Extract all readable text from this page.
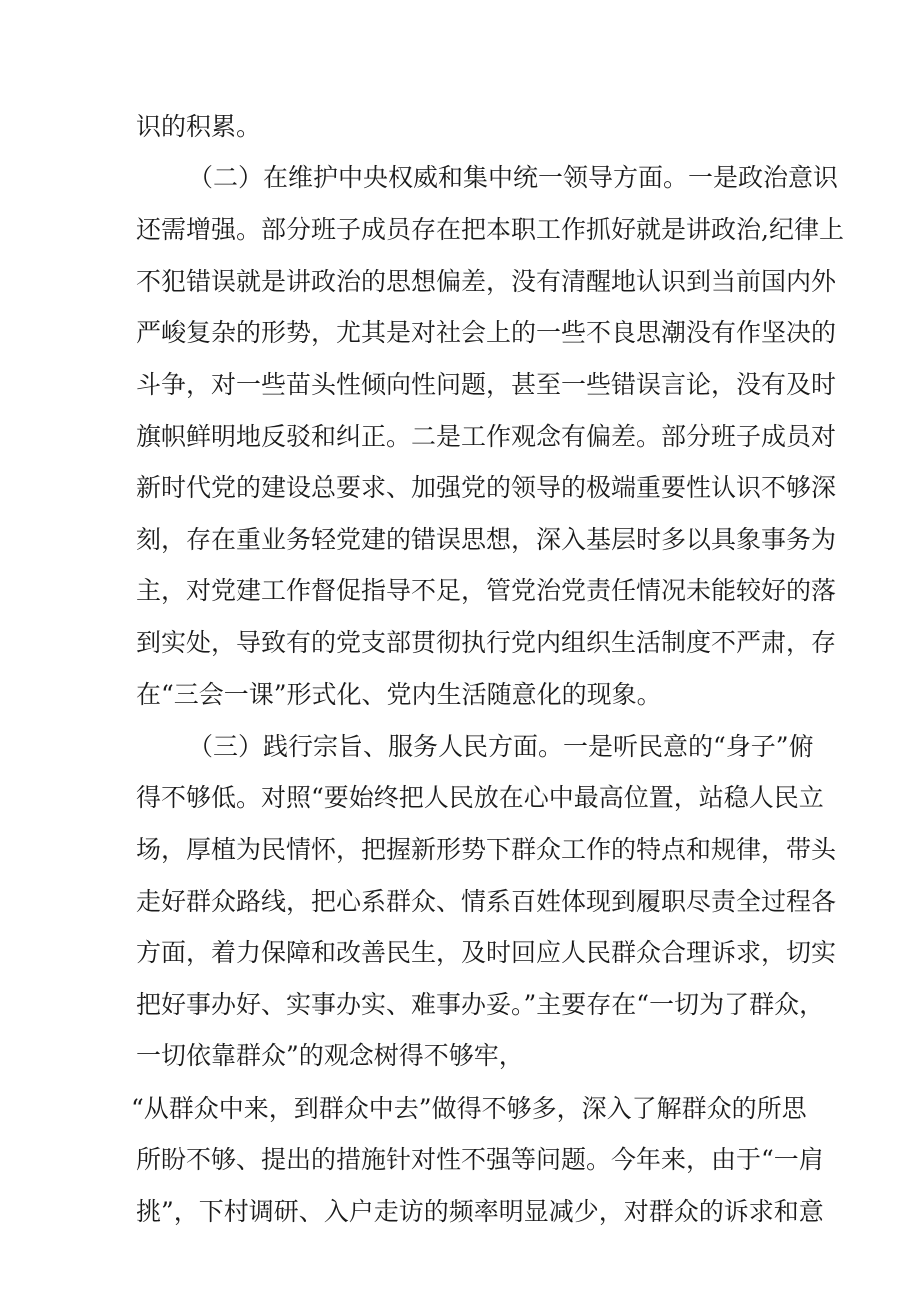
识的积累。
（二）在维护中央权威和集中统一领导方面。一是政治意识
还需增强。部分班子成员存在把本职工作抓好就是讲政治,纪律上
不犯错误就是讲政治的思想偏差，没有清醒地认识到当前国内外
严峻复杂的形势，尤其是对社会上的一些不良思潮没有作坚决的
斗争，对一些苗头性倾向性问题，甚至一些错误言论，没有及时
旗帜鲜明地反驳和纠正。二是工作观念有偏差。部分班子成员对
新时代党的建设总要求、加强党的领导的极端重要性认识不够深
刻，存在重业务轻党建的错误思想，深入基层时多以具象事务为
主，对党建工作督促指导不足，管党治党责任情况未能较好的落
到实处，导致有的党支部贯彻执行党内组织生活制度不严肃，存
在“三会一课”形式化、党内生活随意化的现象。
（三）践行宗旨、服务人民方面。一是听民意的“身子”俯
得不够低。对照“要始终把人民放在心中最高位置，站稳人民立
场，厚植为民情怀，把握新形势下群众工作的特点和规律，带头
走好群众路线，把心系群众、情系百姓体现到履职尽责全过程各
方面，着力保障和改善民生，及时回应人民群众合理诉求，切实
把好事办好、实事办实、难事办妥。”主要存在“一切为了群众，
一切依靠群众”的观念树得不够牢，
“从群众中来，到群众中去”做得不够多，深入了解群众的所思
所盼不够、提出的措施针对性不强等问题。今年来，由于“一肩
挑”，下村调研、入户走访的频率明显减少，对群众的诉求和意
